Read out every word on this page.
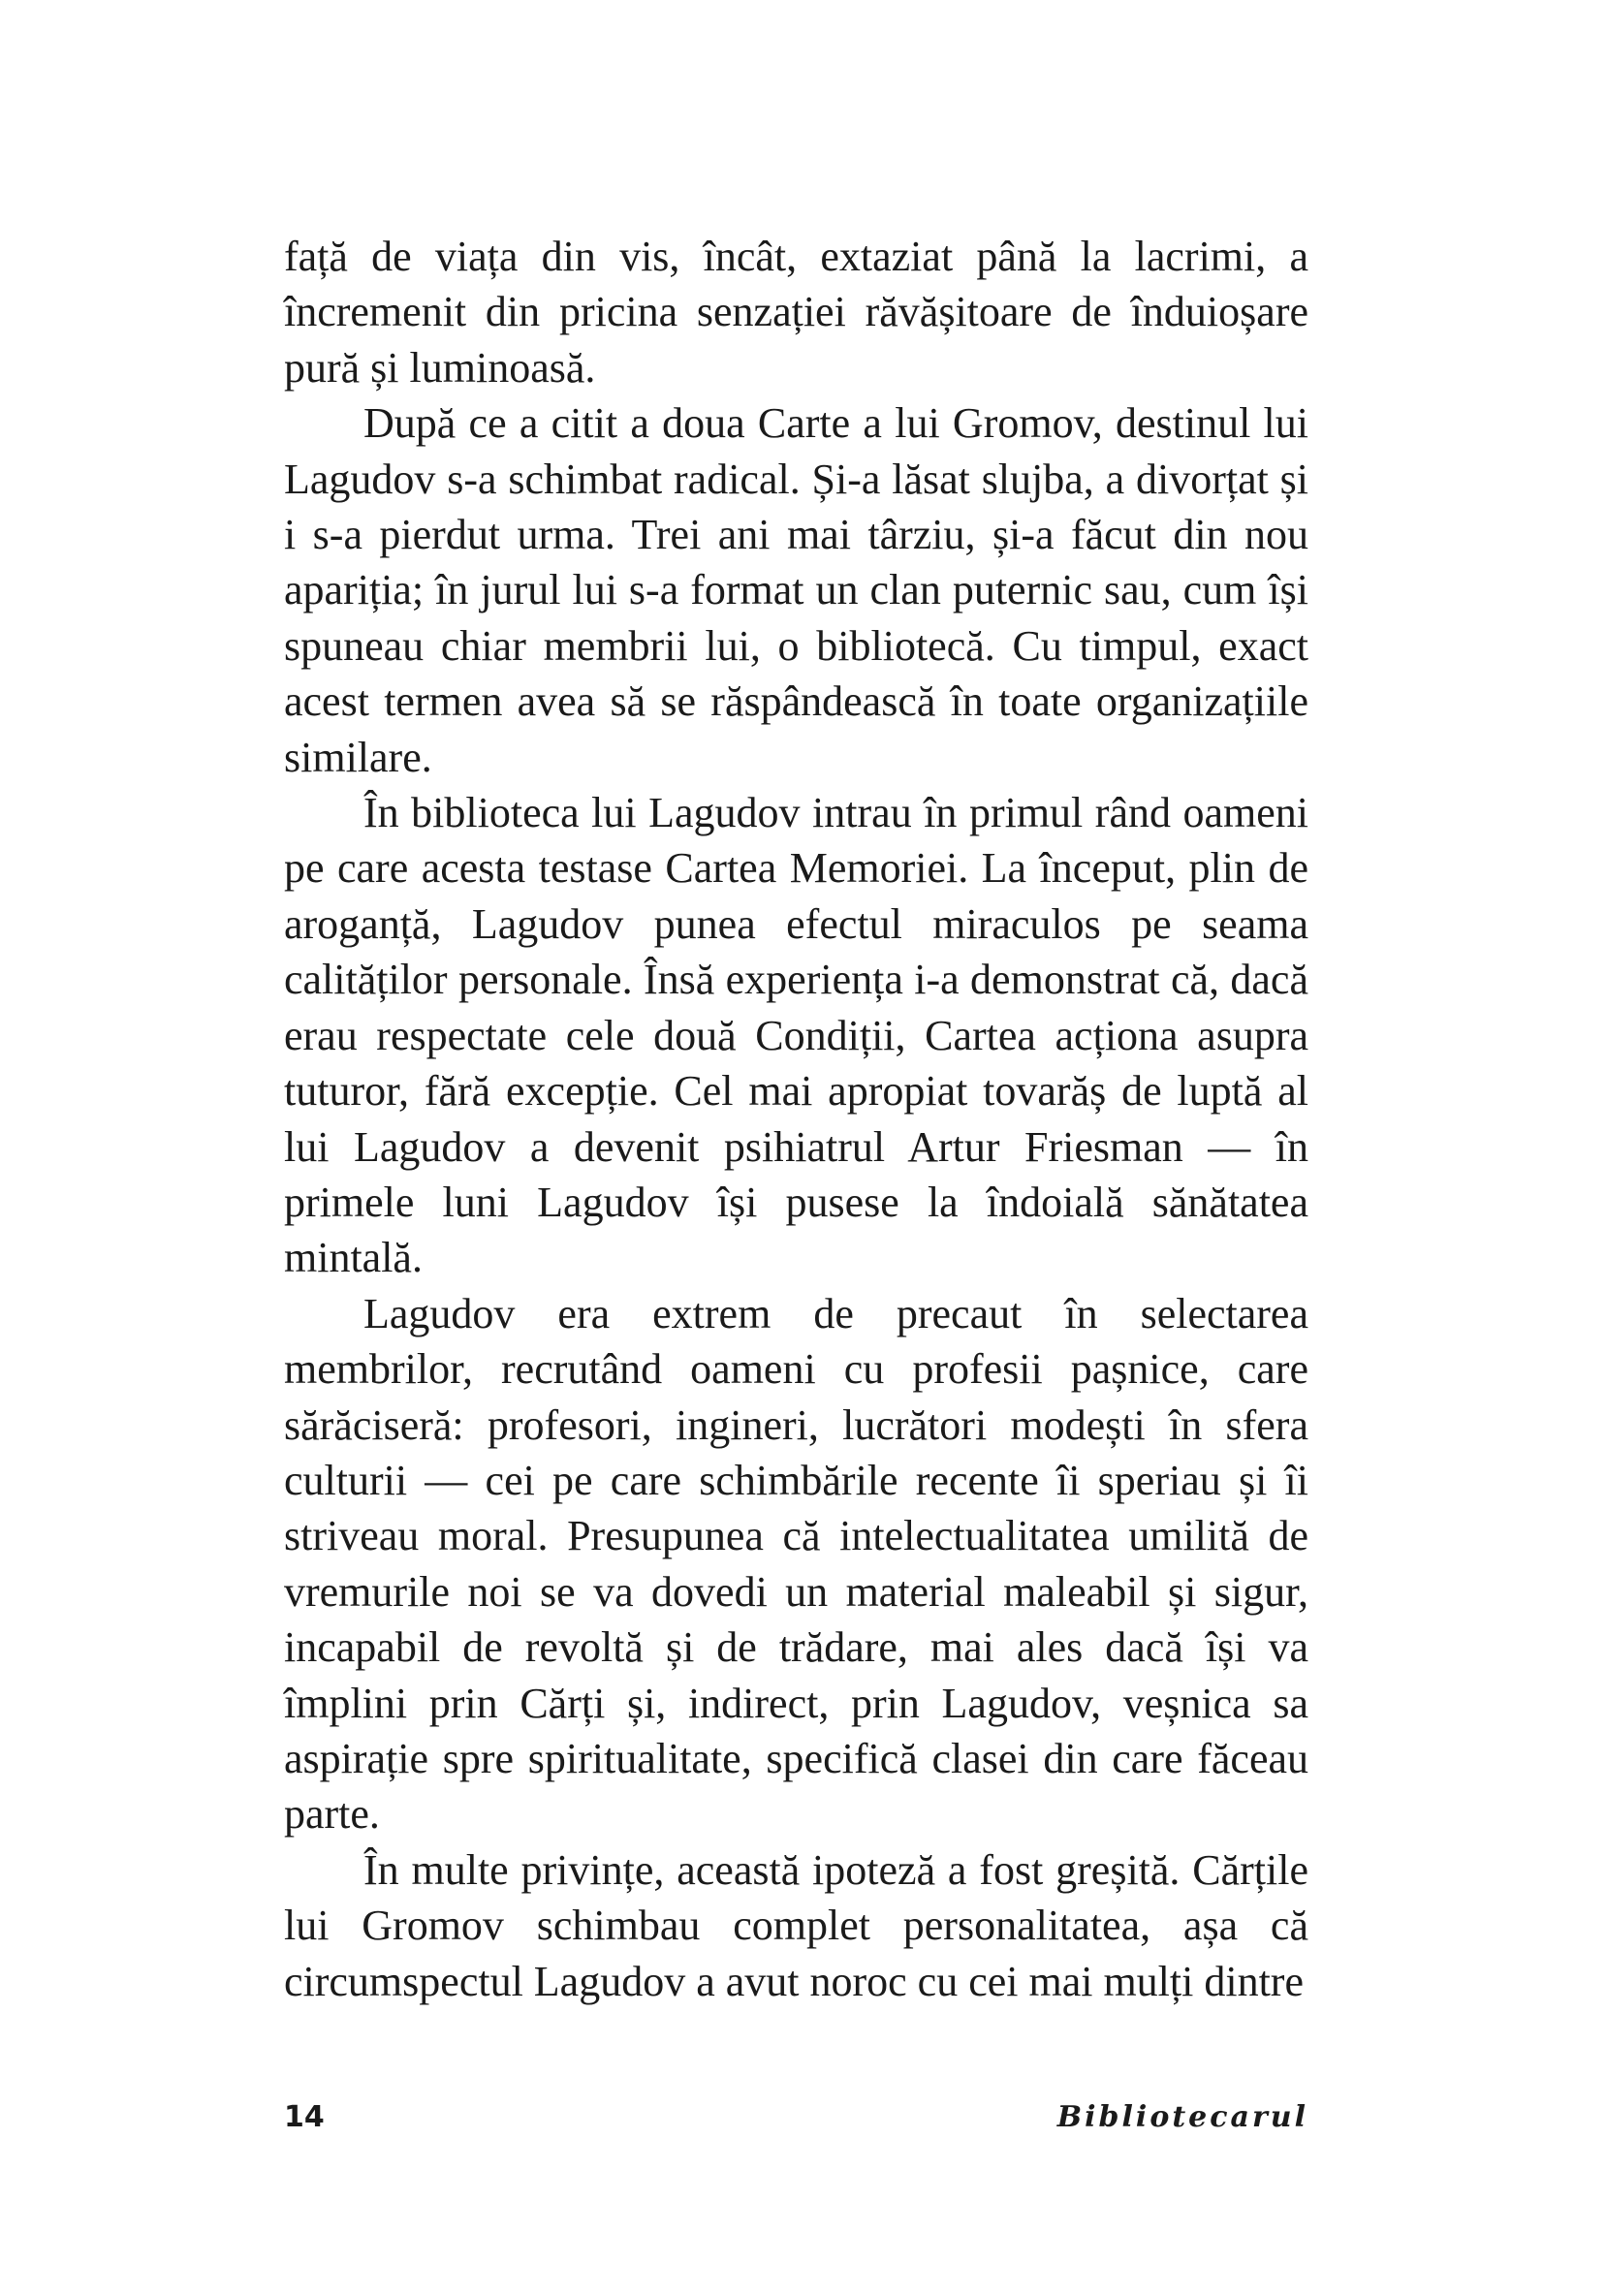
față de viața din vis, încât, extaziat până la lacrimi, a încremenit din pricina senzației răvășitoare de înduioșare pură și luminoasă.

După ce a citit a doua Carte a lui Gromov, destinul lui Lagudov s-a schimbat radical. Și-a lăsat slujba, a divorțat și i s-a pierdut urma. Trei ani mai târziu, și-a făcut din nou apariția; în jurul lui s-a format un clan puternic sau, cum își spuneau chiar membrii lui, o bibliotecă. Cu timpul, exact acest termen avea să se răspândească în toate organizațiile similare.

În biblioteca lui Lagudov intrau în primul rând oameni pe care acesta testase Cartea Memoriei. La început, plin de aroganță, Lagudov punea efectul miraculos pe seama calităților personale. Însă experiența i-a demonstrat că, dacă erau respectate cele două Condiții, Cartea acționa asupra tuturor, fără excepție. Cel mai apropiat tovarăș de luptă al lui Lagudov a devenit psihiatrul Artur Friesman — în primele luni Lagudov își pusese la îndoială sănătatea mintală.

Lagudov era extrem de precaut în selectarea membrilor, recrutând oameni cu profesii pașnice, care sărăciseră: profesori, ingineri, lucrători modești în sfera culturii — cei pe care schimbările recente îi speriau și îi striveau moral. Presupunea că intelectualitatea umilită de vremurile noi se va dovedi un material maleabil și sigur, incapabil de revoltă și de trădare, mai ales dacă își va împlini prin Cărți și, indirect, prin Lagudov, veșnica sa aspirație spre spiritualitate, specifică clasei din care făceau parte.

În multe privințe, această ipoteză a fost greșită. Cărțile lui Gromov schimbau complet personalitatea, așa că circumspectul Lagudov a avut noroc cu cei mai mulți dintre

14	Bibliotecarul
